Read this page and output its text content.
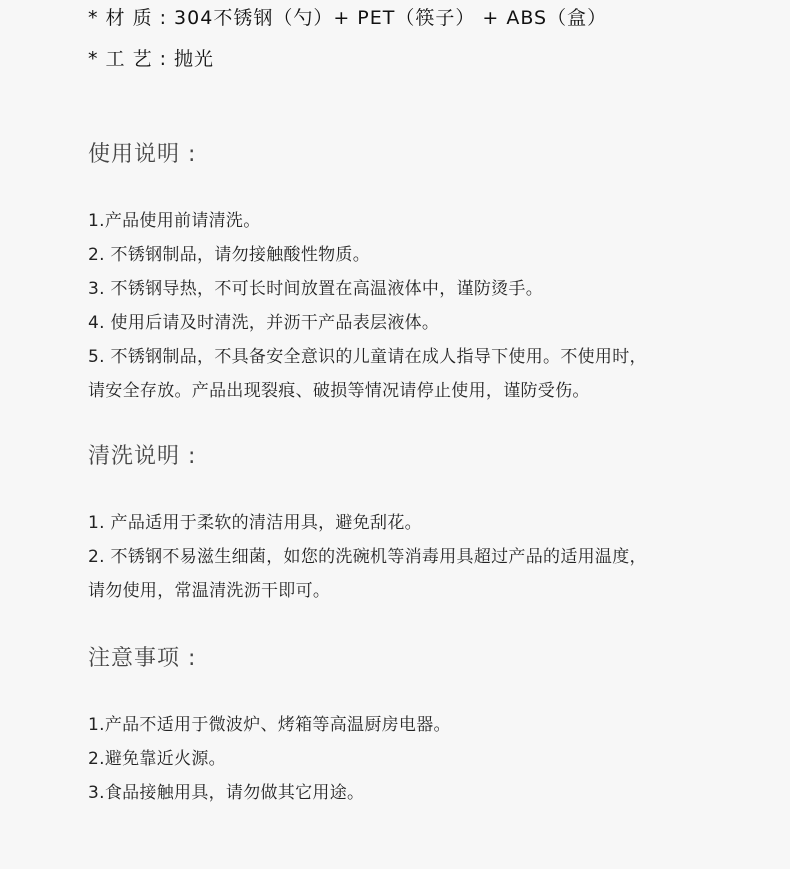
* 材 质 : 304不锈钢（勺）+ PET（筷子） + ABS（盒）
* 工 艺 : 抛光
使用说明 :
1.产品使用前请清洗。
2. 不锈钢制品，请勿接触酸性物质。
3. 不锈钢导热，不可长时间放置在高温液体中，谨防烫手。
4. 使用后请及时清洗，并沥干产品表层液体。
5. 不锈钢制品，不具备安全意识的儿童请在成人指导下使用。不使用时，
请安全存放。产品出现裂痕、破损等情况请停止使用，谨防受伤。
清洗说明 :
1. 产品适用于柔软的清洁用具，避免刮花。
2. 不锈钢不易滋生细菌，如您的洗碗机等消毒用具超过产品的适用温度，
请勿使用，常温清洗沥干即可。
注意事项 :
1.产品不适用于微波炉、烤箱等高温厨房电器。
2.避免靠近火源。
3.食品接触用具，请勿做其它用途。
